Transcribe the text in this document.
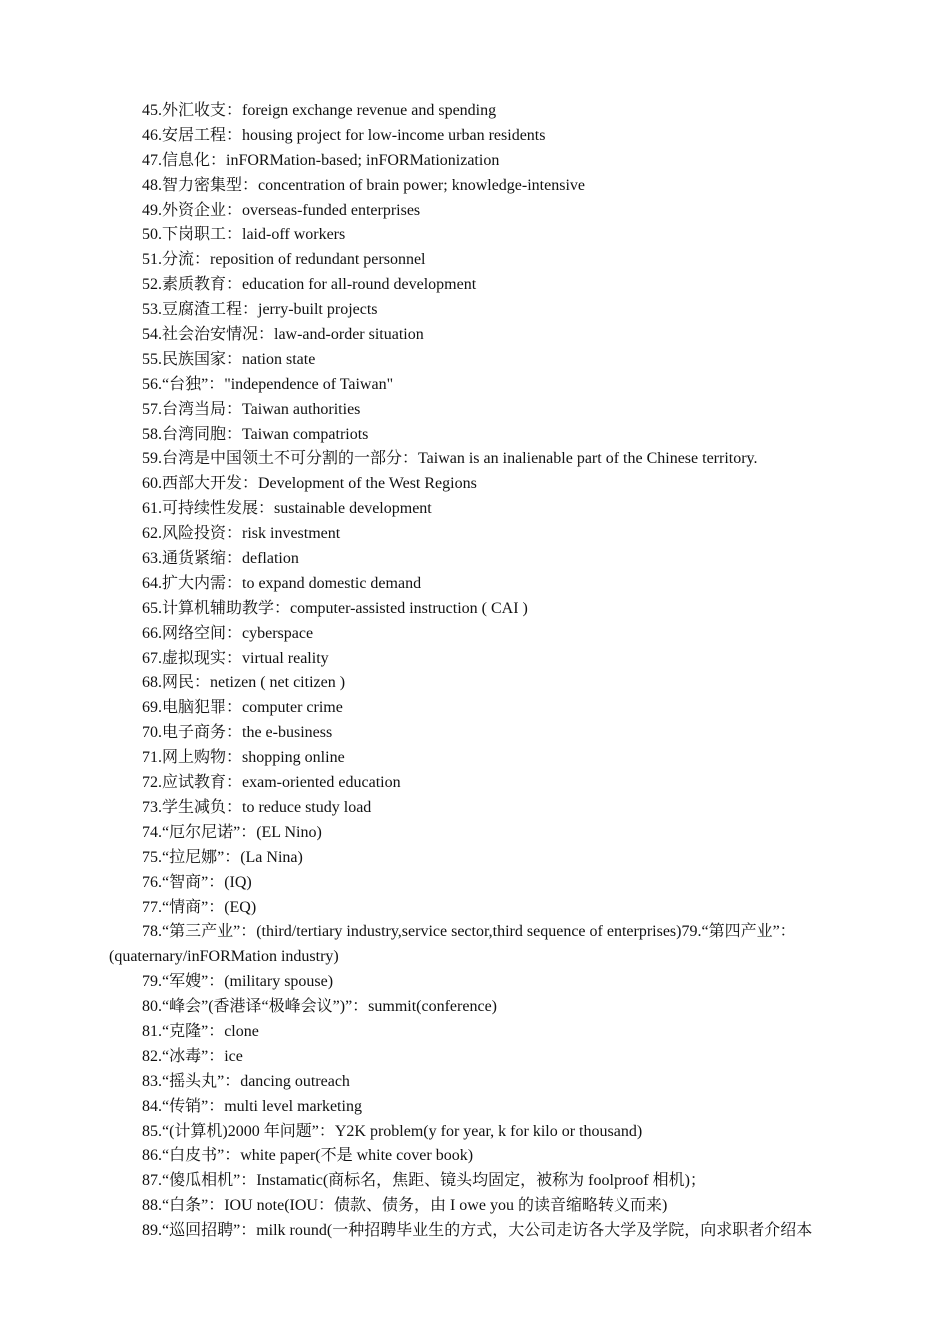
45.外汇收支：foreign exchange revenue and spending
46.安居工程：housing project for low-income urban residents
47.信息化：inFORMation-based; inFORMationization
48.智力密集型：concentration of brain power; knowledge-intensive
49.外资企业：overseas-funded enterprises
50.下岗职工：laid-off workers
51.分流：reposition of redundant personnel
52.素质教育：education for all-round development
53.豆腐渣工程：jerry-built projects
54.社会治安情况：law-and-order situation
55.民族国家：nation state
56.“台独”："independence of Taiwan"
57.台湾当局：Taiwan authorities
58.台湾同胞：Taiwan compatriots
59.台湾是中国领土不可分割的一部分：Taiwan is an inalienable part of the Chinese territory.
60.西部大开发：Development of the West Regions
61.可持续性发展：sustainable development
62.风险投资：risk investment
63.通货紧缩：deflation
64.扩大内需：to expand domestic demand
65.计算机辅助教学：computer-assisted instruction ( CAI )
66.网络空间：cyberspace
67.虚拟现实：virtual reality
68.网民：netizen ( net citizen )
69.电脑犯罪：computer crime
70.电子商务：the e-business
71.网上购物：shopping online
72.应试教育：exam-oriented education
73.学生减负：to reduce study load
74.“厄尔尼诺”：(EL Nino)
75.“拉尼娜”：(La Nina)
76.“智商”：(IQ)
77.“情商”：(EQ)
78.“第三产业”：(third/tertiary industry,service sector,third sequence of enterprises)79.“第四产业”：
(quaternary/inFORMation industry)
79.“军嫂”：(military spouse)
80.“峰会”(香港译“极峰会议”)”：summit(conference)
81.“克隆”：clone
82.“冰毒”：ice
83.“摇头丸”：dancing outreach
84.“传销”：multi level marketing
85.“(计算机)2000 年问题”：Y2K problem(y for year, k for kilo or thousand)
86.“白皮书”：white paper(不是 white cover book)
87.“傻瓜相机”：Instamatic(商标名，焦距、镜头均固定，被称为 foolproof 相机)；
88.“白条”：IOU note(IOU：债款、债务，由 I owe you 的读音缩略转义而来)
89.“巡回招聘”：milk round(一种招聘毕业生的方式，大公司走访各大学及学院，向求职者介绍本
